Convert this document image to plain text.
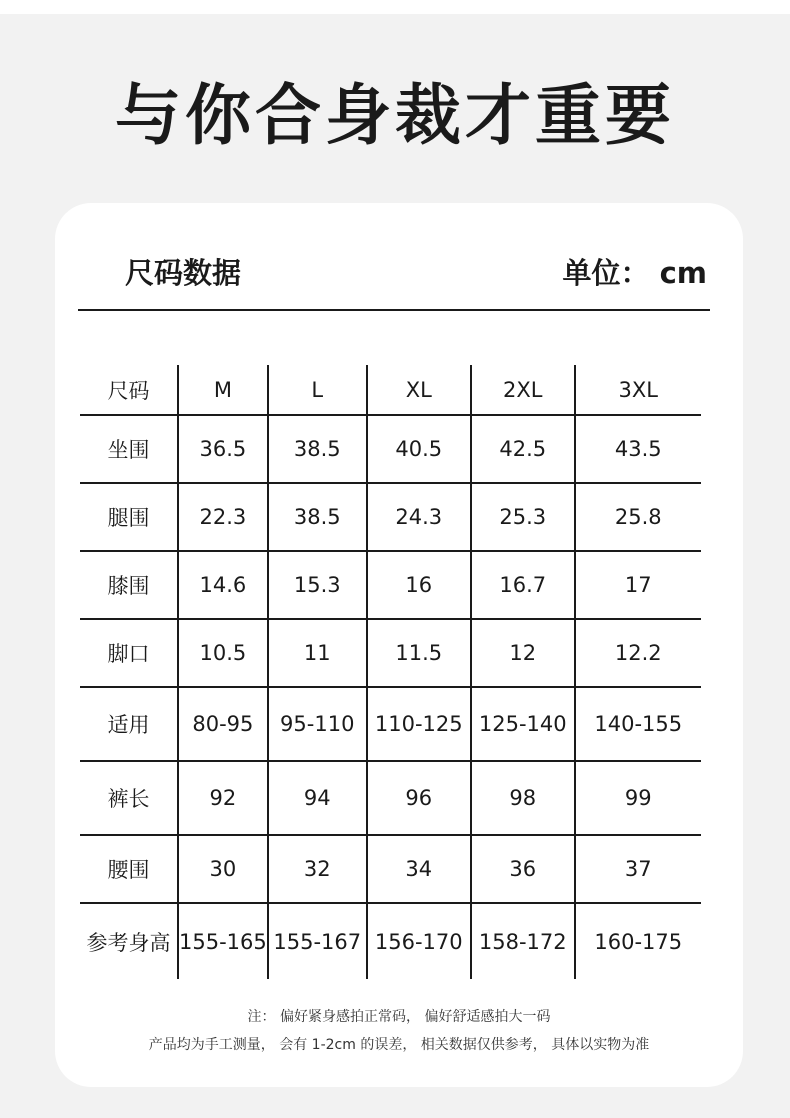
与你合身裁才重要
尺码数据	单位： cm
尺码	M	L	XL	2XL	3XL
坐围	36.5	38.5	40.5	42.5	43.5
腿围	22.3	38.5	24.3	25.3	25.8
膝围	14.6	15.3	16	16.7	17
脚口	10.5	11	11.5	12	12.2
适用	80-95	95-110	110-125	125-140	140-155
裤长	92	94	96	98	99
腰围	30	32	34	36	37
参考身高	155-165	155-167	156-170	158-172	160-175
注： 偏好紧身感拍正常码， 偏好舒适感拍大一码
产品均为手工测量， 会有 1-2cm 的误差， 相关数据仅供参考， 具体以实物为准
